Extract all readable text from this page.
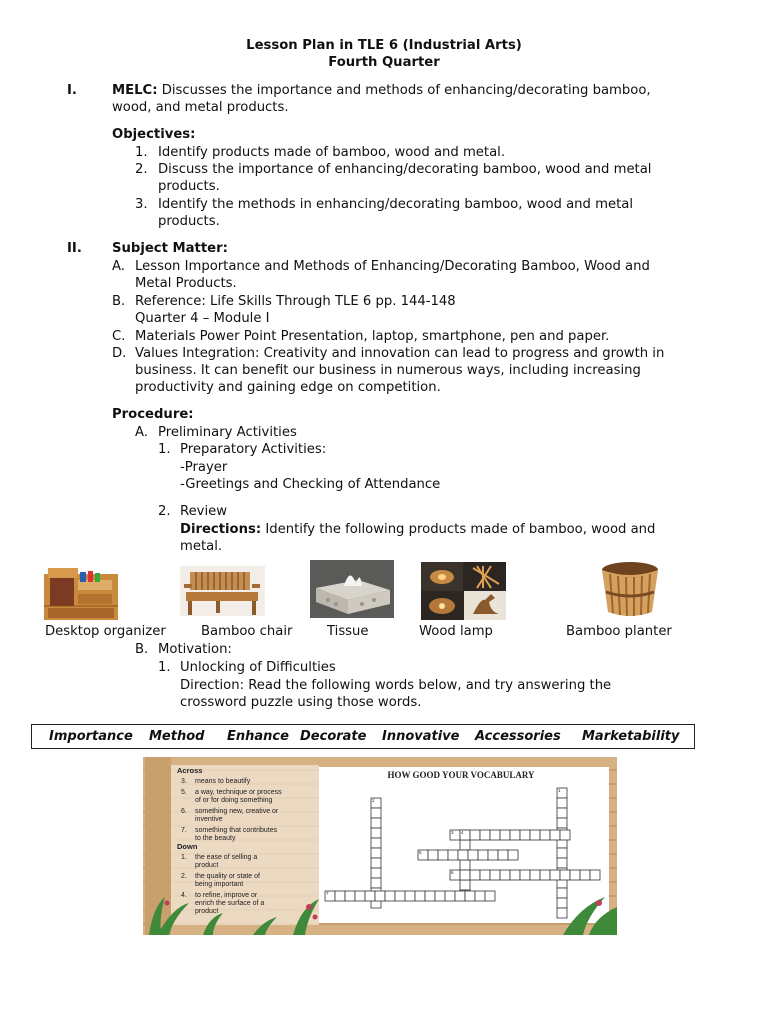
Lesson Plan in TLE 6 (Industrial Arts)
Fourth Quarter
I.	MELC: Discusses the importance and methods of enhancing/decorating bamboo,
wood, and metal products.
Objectives:
1. Identify products made of bamboo, wood and metal.
2. Discuss the importance of enhancing/decorating bamboo, wood and metal
products.
3. Identify the methods in enhancing/decorating bamboo, wood and metal
products.
II. Subject Matter:
A. Lesson Importance and Methods of Enhancing/Decorating Bamboo, Wood and
Metal Products.
B. Reference: Life Skills Through TLE 6 pp. 144-148
Quarter 4 – Module I
C. Materials Power Point Presentation, laptop, smartphone, pen and paper.
D. Values Integration: Creativity and innovation can lead to progress and growth in
business. It can benefit our business in numerous ways, including increasing
productivity and gaining edge on competition.
Procedure:
A. Preliminary Activities
1. Preparatory Activities:
-Prayer
-Greetings and Checking of Attendance
2. Review
Directions: Identify the following products made of bamboo, wood and
metal.
Desktop organizer	Bamboo chair	Tissue	Wood lamp	Bamboo planter
B. Motivation:
1. Unlocking of Difficulties
Direction: Read the following words below, and try answering the
crossword puzzle using those words.
Importance Method Enhance Decorate Innovative Accessories Marketability
Across
3. means to beautify
5. a way, technique or process
of or for doing something
6. something new, creative or
inventive
7. something that contributes
to the beauty
Down
1. the ease of selling a
product
2. the quality or state of
being important
4. to refine, improve or
enrich the surface of a
product
HOW GOOD YOUR VOCABULARY
1
2
3 4
5
6
7
